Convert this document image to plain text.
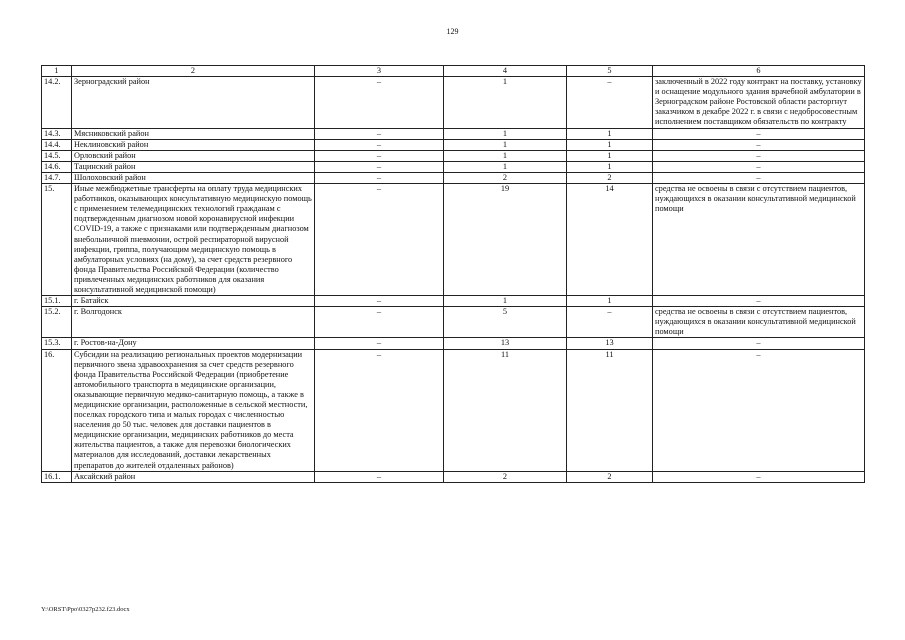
129
1	2	3	4	5	6
14.2.	Зерноградский район	–	1	–	заключенный в 2022 году контракт на поставку, установку и оснащение модульного здания врачебной амбулатории в Зерноградском районе Ростовской области расторгнут заказчиком в декабре 2022 г. в связи с недобросовестным исполнением поставщиком обязательств по контракту
14.3.	Мясниковский район	–	1	1	–
14.4.	Неклиновский район	–	1	1	–
14.5.	Орловский район	–	1	1	–
14.6.	Тацинский район	–	1	1	–
14.7.	Шолоховский район	–	2	2	–
15.	Иные межбюджетные трансферты на оплату труда медицинских работников, оказывающих консультативную медицинскую помощь с применением телемедицинских технологий гражданам с подтвержденным диагнозом новой коронавирусной инфекции COVID-19, а также с признаками или подтвержденным диагнозом внебольничной пневмонии, острой респираторной вирусной инфекции, гриппа, получающим медицинскую помощь в амбулаторных условиях (на дому), за счет средств резервного фонда Правительства Российской Федерации (количество привлеченных медицинских работников для оказания консультативной медицинской помощи)	–	19	14	средства не освоены в связи с отсутствием пациентов, нуждающихся в оказании консультативной медицинской помощи
15.1.	г. Батайск	–	1	1	–
15.2.	г. Волгодонск	–	5	–	средства не освоены в связи с отсутствием пациентов, нуждающихся в оказании консультативной медицинской помощи
15.3.	г. Ростов-на-Дону	–	13	13	–
16.	Субсидии на реализацию региональных проектов модернизации первичного звена здравоохранения за счет средств резервного фонда Правительства Российской Федерации (приобретение автомобильного транспорта в медицинские организации, оказывающие первичную медико-санитарную помощь, а также в медицинские организации, расположенные в сельской местности, поселках городского типа и малых городах с численностью населения до 50 тыс. человек для доставки пациентов в медицинские организации, медицинских работников до места жительства пациентов, а также для перевозки биологических материалов для исследований, доставки лекарственных препаратов до жителей отдаленных районов)	–	11	11	–
16.1.	Аксайский район	–	2	2	–
Y:\ORST\Ppo\0327p232.f23.docx
